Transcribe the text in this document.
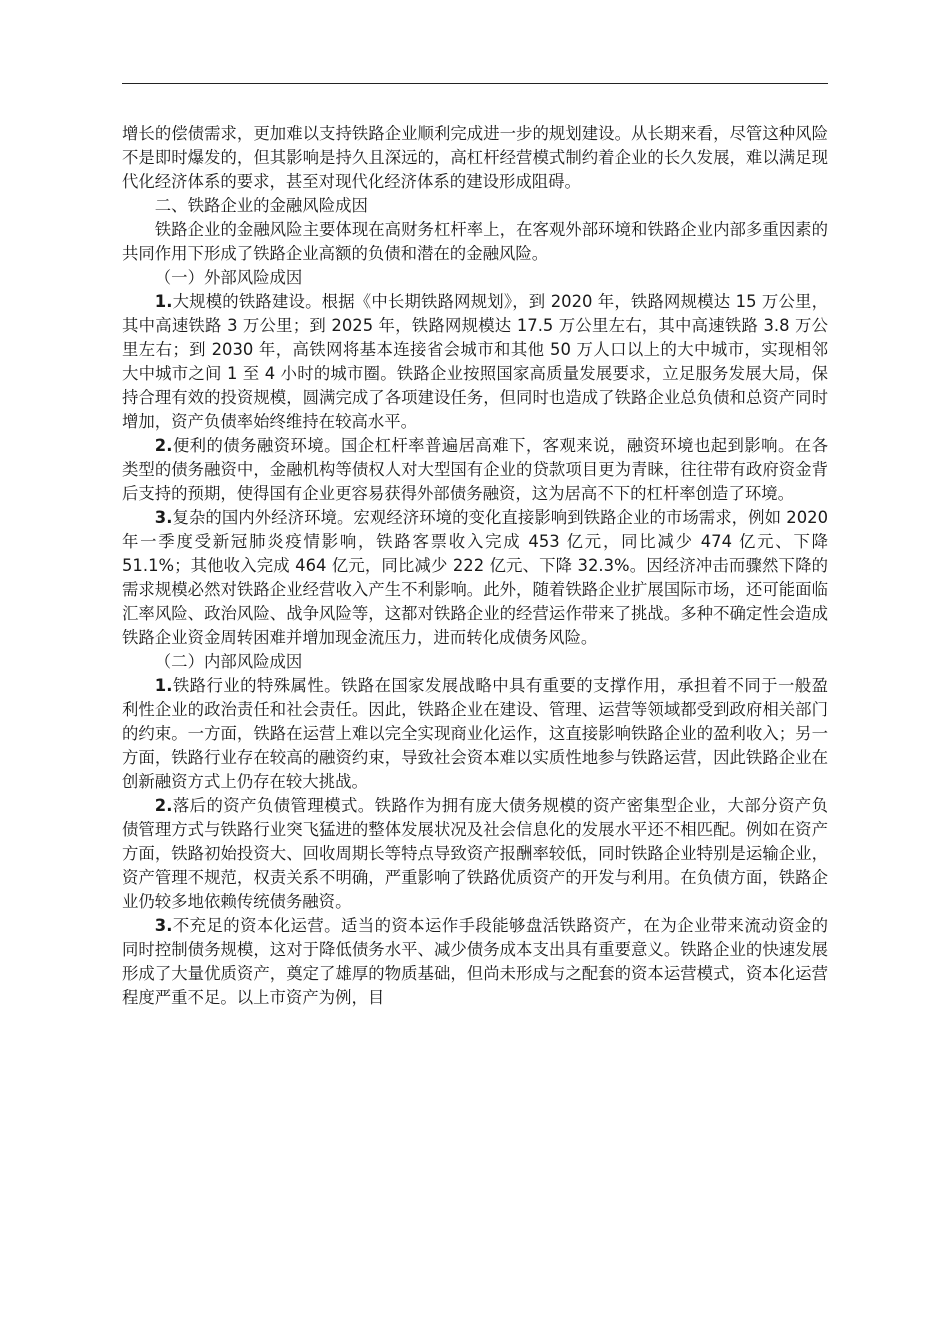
增长的偿债需求，更加难以支持铁路企业顺利完成进一步的规划建设。从长期来看，尽管这种风险不是即时爆发的，但其影响是持久且深远的，高杠杆经营模式制约着企业的长久发展，难以满足现代化经济体系的要求，甚至对现代化经济体系的建设形成阻碍。

二、铁路企业的金融风险成因

铁路企业的金融风险主要体现在高财务杠杆率上，在客观外部环境和铁路企业内部多重因素的共同作用下形成了铁路企业高额的负债和潜在的金融风险。

（一）外部风险成因

1.大规模的铁路建设。根据《中长期铁路网规划》，到 2020 年，铁路网规模达 15 万公里，其中高速铁路 3 万公里；到 2025 年，铁路网规模达 17.5 万公里左右，其中高速铁路 3.8 万公里左右；到 2030 年，高铁网将基本连接省会城市和其他 50 万人口以上的大中城市，实现相邻大中城市之间 1 至 4 小时的城市圈。铁路企业按照国家高质量发展要求，立足服务发展大局，保持合理有效的投资规模，圆满完成了各项建设任务，但同时也造成了铁路企业总负债和总资产同时增加，资产负债率始终维持在较高水平。

2.便利的债务融资环境。国企杠杆率普遍居高难下，客观来说，融资环境也起到影响。在各类型的债务融资中，金融机构等债权人对大型国有企业的贷款项目更为青睐，往往带有政府资金背后支持的预期，使得国有企业更容易获得外部债务融资，这为居高不下的杠杆率创造了环境。

3.复杂的国内外经济环境。宏观经济环境的变化直接影响到铁路企业的市场需求，例如 2020 年一季度受新冠肺炎疫情影响，铁路客票收入完成 453 亿元，同比减少 474 亿元、下降 51.1%；其他收入完成 464 亿元，同比减少 222 亿元、下降 32.3%。因经济冲击而骤然下降的需求规模必然对铁路企业经营收入产生不利影响。此外，随着铁路企业扩展国际市场，还可能面临汇率风险、政治风险、战争风险等，这都对铁路企业的经营运作带来了挑战。多种不确定性会造成铁路企业资金周转困难并增加现金流压力，进而转化成债务风险。

（二）内部风险成因

1.铁路行业的特殊属性。铁路在国家发展战略中具有重要的支撑作用，承担着不同于一般盈利性企业的政治责任和社会责任。因此，铁路企业在建设、管理、运营等领域都受到政府相关部门的约束。一方面，铁路在运营上难以完全实现商业化运作，这直接影响铁路企业的盈利收入；另一方面，铁路行业存在较高的融资约束，导致社会资本难以实质性地参与铁路运营，因此铁路企业在创新融资方式上仍存在较大挑战。

2.落后的资产负债管理模式。铁路作为拥有庞大债务规模的资产密集型企业，大部分资产负债管理方式与铁路行业突飞猛进的整体发展状况及社会信息化的发展水平还不相匹配。例如在资产方面，铁路初始投资大、回收周期长等特点导致资产报酬率较低，同时铁路企业特别是运输企业，资产管理不规范，权责关系不明确，严重影响了铁路优质资产的开发与利用。在负债方面，铁路企业仍较多地依赖传统债务融资。

3.不充足的资本化运营。适当的资本运作手段能够盘活铁路资产，在为企业带来流动资金的同时控制债务规模，这对于降低债务水平、减少债务成本支出具有重要意义。铁路企业的快速发展形成了大量优质资产，奠定了雄厚的物质基础，但尚未形成与之配套的资本运营模式，资本化运营程度严重不足。以上市资产为例，目
